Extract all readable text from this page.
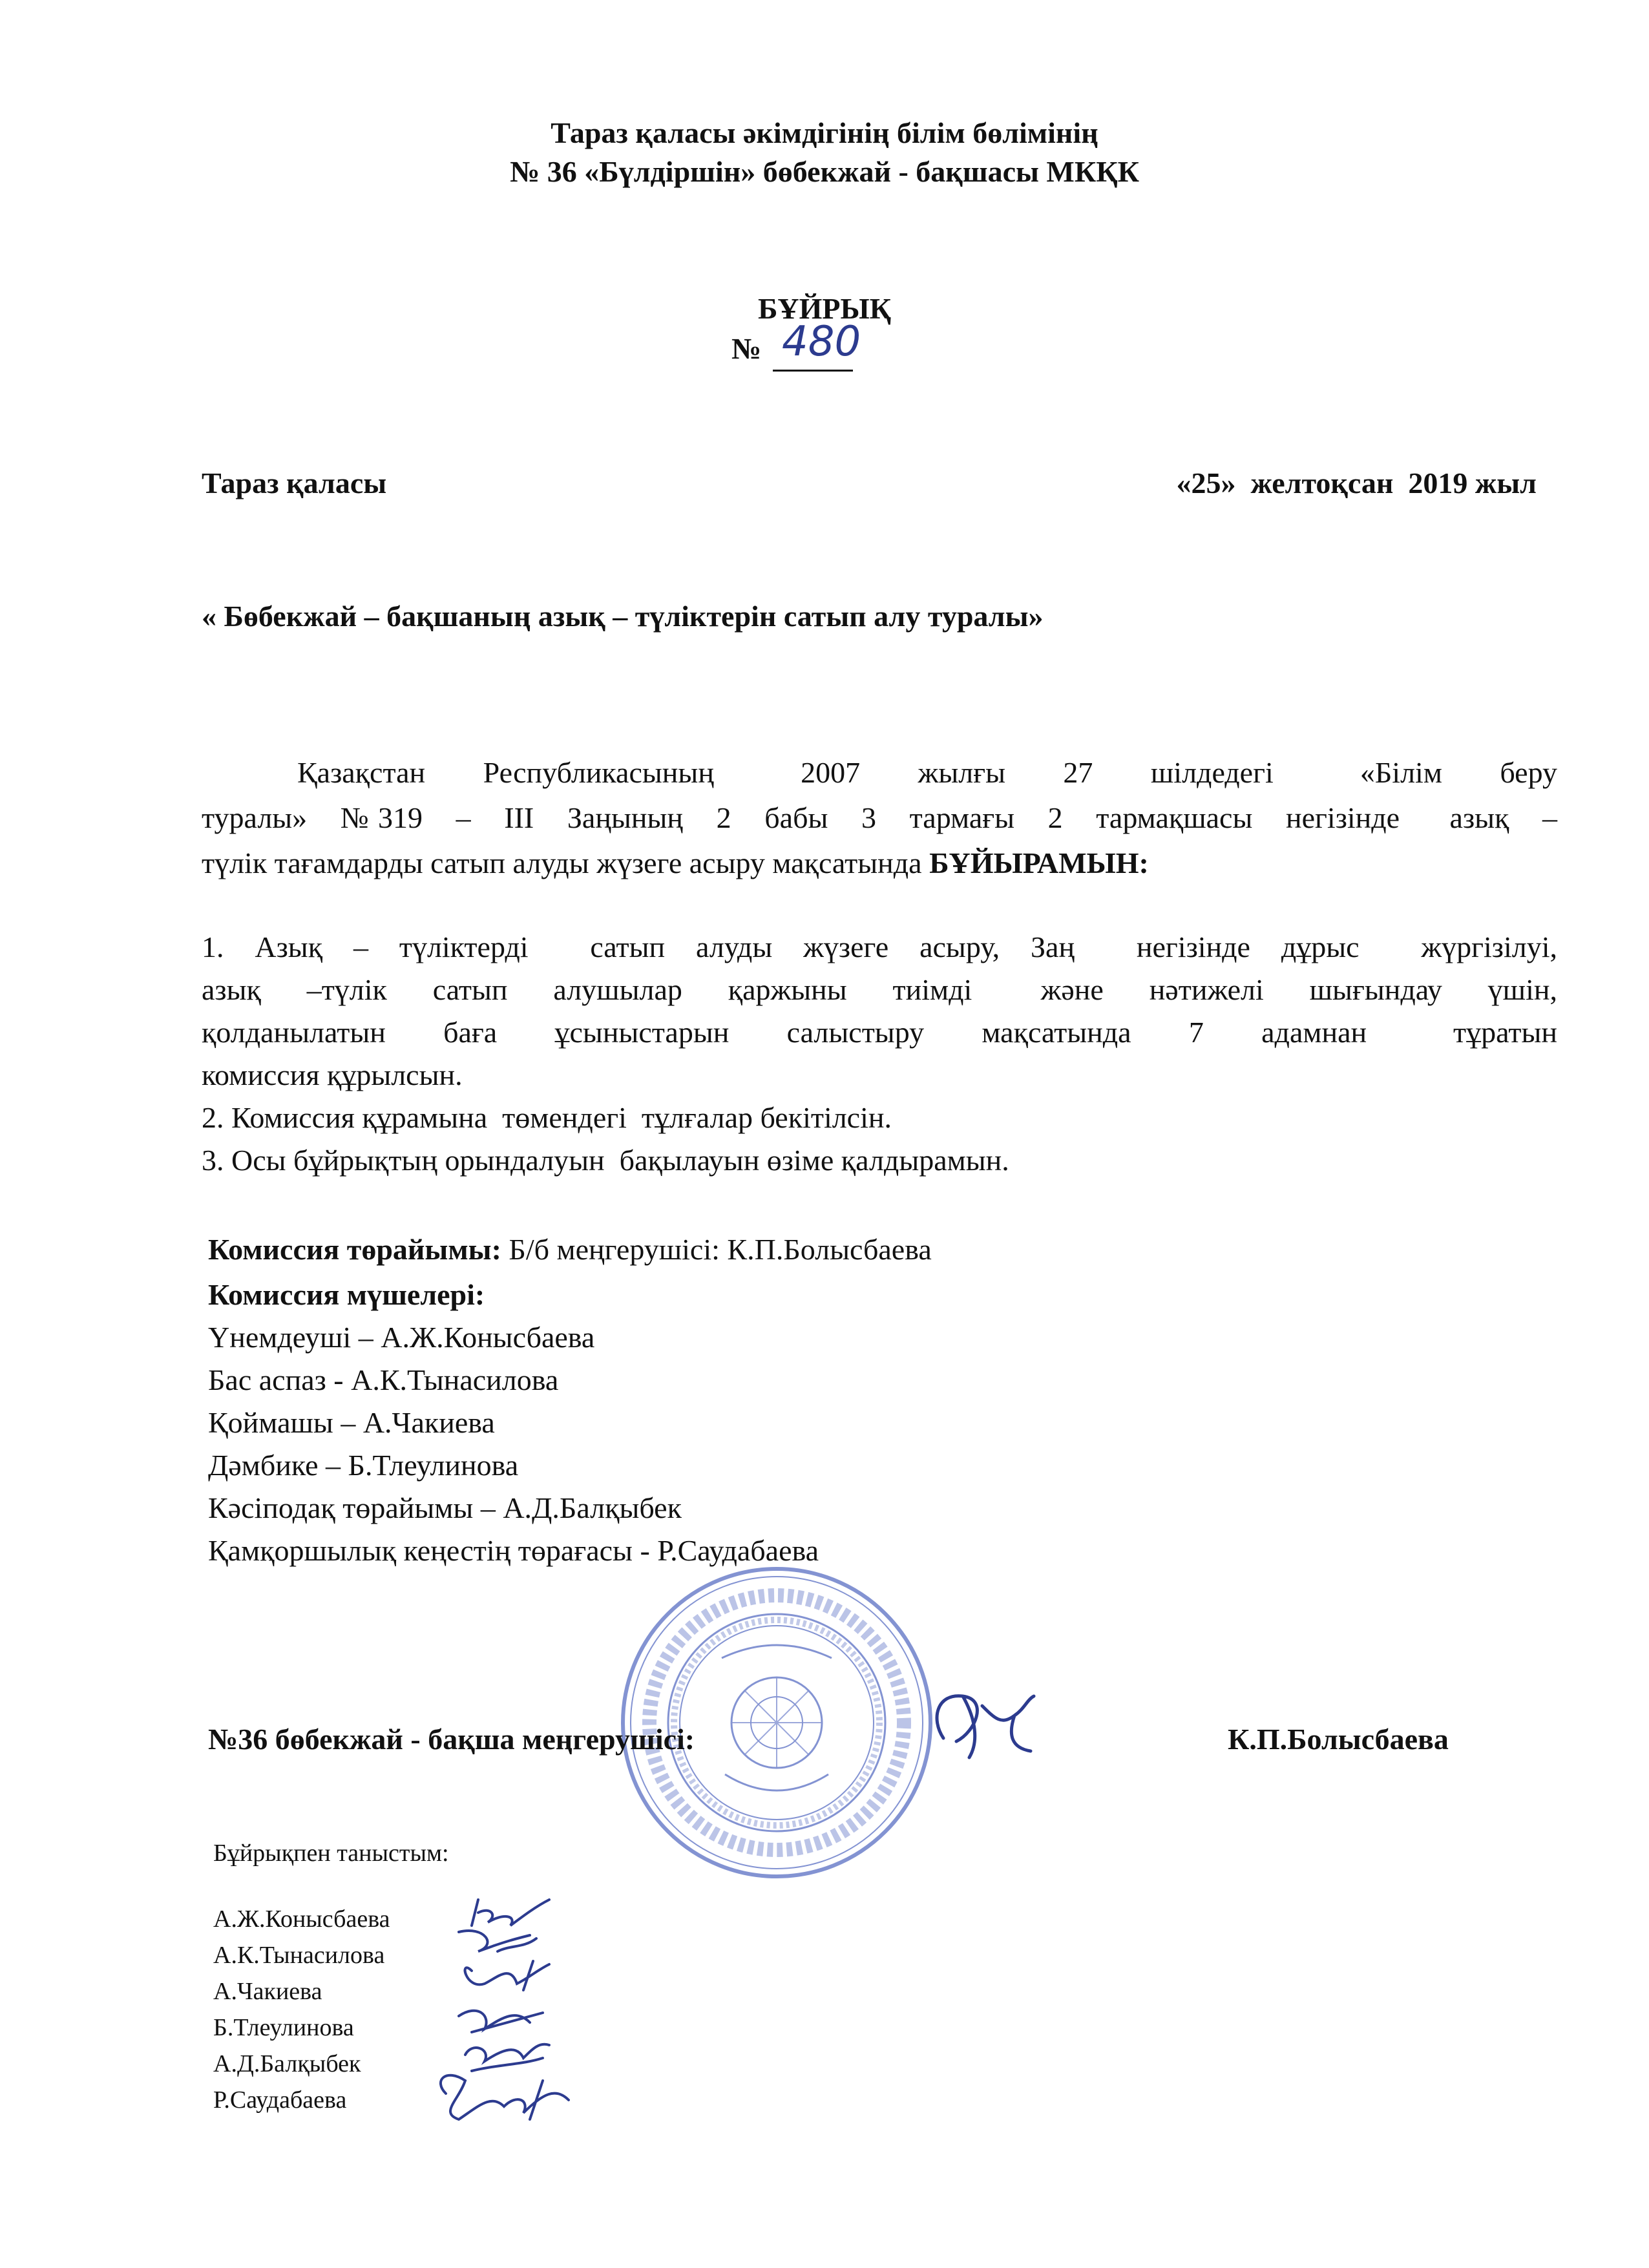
Тараз қаласы әкімдігінің білім бөлімінің
№ 36 «Бүлдіршін» бөбекжай - бақшасы МКҚК
БҰЙРЫҚ
№ 480
Тараз қаласы	«25»  желтоқсан  2019 жыл
« Бөбекжай – бақшаның азық – түліктерін сатып алу туралы»
Қазақстан  Республикасының   2007  жылғы  27  шілдедегі   «Білім  беру
туралы»  №319  –  ІІІ  Заңының  2  бабы  3  тармағы  2  тармақшасы  негізінде   азық  –
түлік тағамдарды сатып алуды жүзеге асыру мақсатында БҰЙЫРАМЫН:
1. Азық – түліктерді  сатып алуды жүзеге асыру, Заң  негізінде дұрыс  жүргізілуі,
азық  –түлік  сатып  алушылар  қаржыны  тиімді   және  нәтижелі  шығындау  үшін,
қолданылатын  баға  ұсыныстарын  салыстыру  мақсатында  7  адамнан   тұратын
комиссия құрылсын.
2. Комиссия құрамына  төмендегі  тұлғалар бекітілсін.
3. Осы бұйрықтың орындалуын  бақылауын өзіме қалдырамын.
Комиссия төрайымы: Б/б меңгерушісі: К.П.Болысбаева
Комиссия мүшелері:
Үнемдеуші – А.Ж.Конысбаева
Бас аспаз - А.К.Тынасилова
Қоймашы – А.Чакиева
Дәмбике – Б.Тлеулинова
Кәсіподақ төрайымы – А.Д.Балқыбек
Қамқоршылық кеңестің төрағасы - Р.Саудабаева
№36 бөбекжай - бақша меңгерушісі:	К.П.Болысбаева
Бұйрықпен таныстым:
А.Ж.Конысбаева
А.К.Тынасилова
А.Чакиева
Б.Тлеулинова
А.Д.Балқыбек
Р.Саудабаева
